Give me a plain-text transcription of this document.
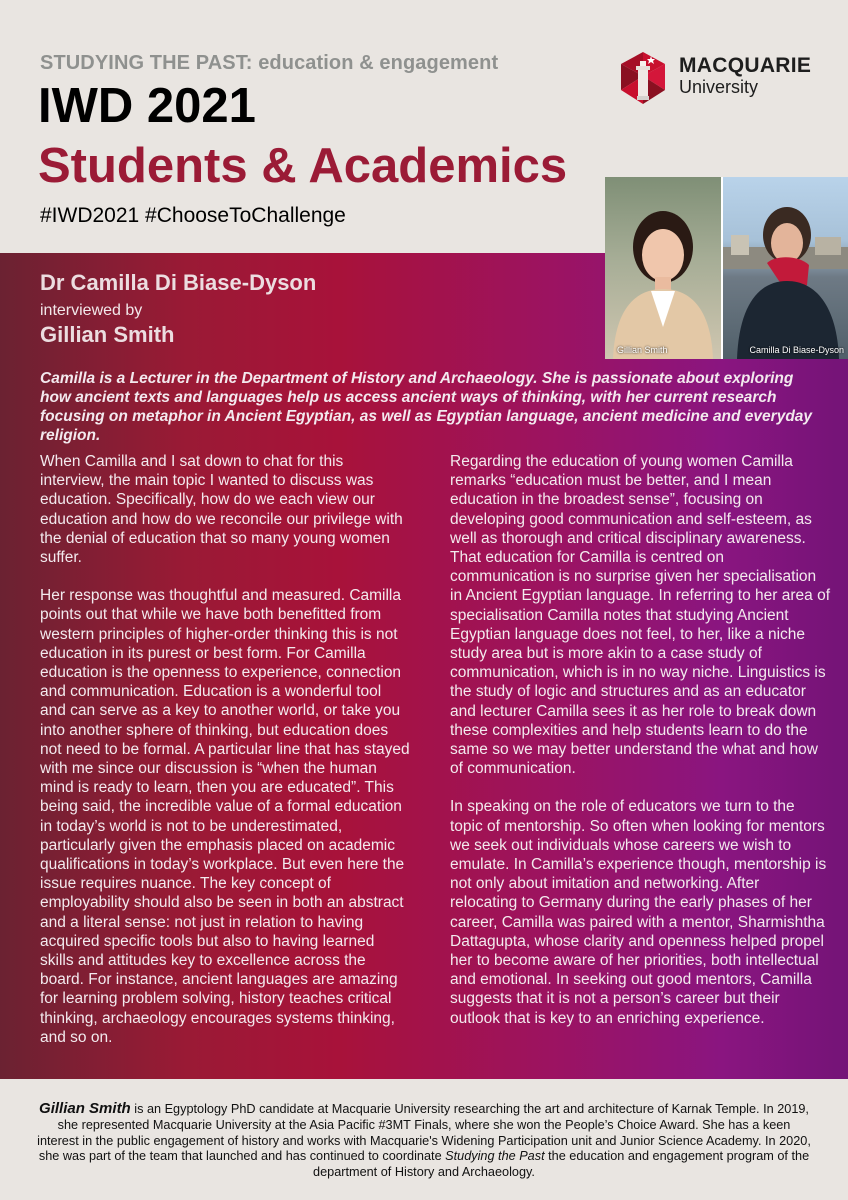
STUDYING THE PAST: education & engagement
IWD 2021
Students & Academics
#IWD2021 #ChooseToChallenge
MACQUARIE
University
Gillian Smith	Camilla Di Biase-Dyson
Dr Camilla Di Biase-Dyson
interviewed by
Gillian Smith
Camilla is a Lecturer in the Department of History and Archaeology. She is passionate about exploring how ancient texts and languages help us access ancient ways of thinking, with her current research focusing on metaphor in Ancient Egyptian, as well as Egyptian language, ancient medicine and everyday religion.

When Camilla and I sat down to chat for this interview, the main topic I wanted to discuss was education. Specifically, how do we each view our education and how do we reconcile our privilege with the denial of education that so many young women suffer.

Her response was thoughtful and measured. Camilla points out that while we have both benefitted from western principles of higher-order thinking this is not education in its purest or best form. For Camilla education is the openness to experience, connection and communication. Education is a wonderful tool and can serve as a key to another world, or take you into another sphere of thinking, but education does not need to be formal. A particular line that has stayed with me since our discussion is “when the human mind is ready to learn, then you are educated”. This being said, the incredible value of a formal education in today’s world is not to be underestimated, particularly given the emphasis placed on academic qualifications in today’s workplace. But even here the issue requires nuance. The key concept of employability should also be seen in both an abstract and a literal sense: not just in relation to having acquired specific tools but also to having learned skills and attitudes key to excellence across the board. For instance, ancient languages are amazing for learning problem solving, history teaches critical thinking, archaeology encourages systems thinking, and so on.

Regarding the education of young women Camilla remarks “education must be better, and I mean education in the broadest sense”, focusing on developing good communication and self-esteem, as well as thorough and critical disciplinary awareness. That education for Camilla is centred on communication is no surprise given her specialisation in Ancient Egyptian language. In referring to her area of specialisation Camilla notes that studying Ancient Egyptian language does not feel, to her, like a niche study area but is more akin to a case study of communication, which is in no way niche. Linguistics is the study of logic and structures and as an educator and lecturer Camilla sees it as her role to break down these complexities and help students learn to do the same so we may better understand the what and how of communication.

In speaking on the role of educators we turn to the topic of mentorship. So often when looking for mentors we seek out individuals whose careers we wish to emulate. In Camilla’s experience though, mentorship is not only about imitation and networking. After relocating to Germany during the early phases of her career, Camilla was paired with a mentor, Sharmishtha Dattagupta, whose clarity and openness helped propel her to become aware of her priorities, both intellectual and emotional. In seeking out good mentors, Camilla suggests that it is not a person’s career but their outlook that is key to an enriching experience.

Gillian Smith is an Egyptology PhD candidate at Macquarie University researching the art and architecture of Karnak Temple. In 2019, she represented Macquarie University at the Asia Pacific #3MT Finals, where she won the People’s Choice Award. She has a keen interest in the public engagement of history and works with Macquarie's Widening Participation unit and Junior Science Academy. In 2020, she was part of the team that launched and has continued to coordinate Studying the Past the education and engagement program of the department of History and Archaeology.
